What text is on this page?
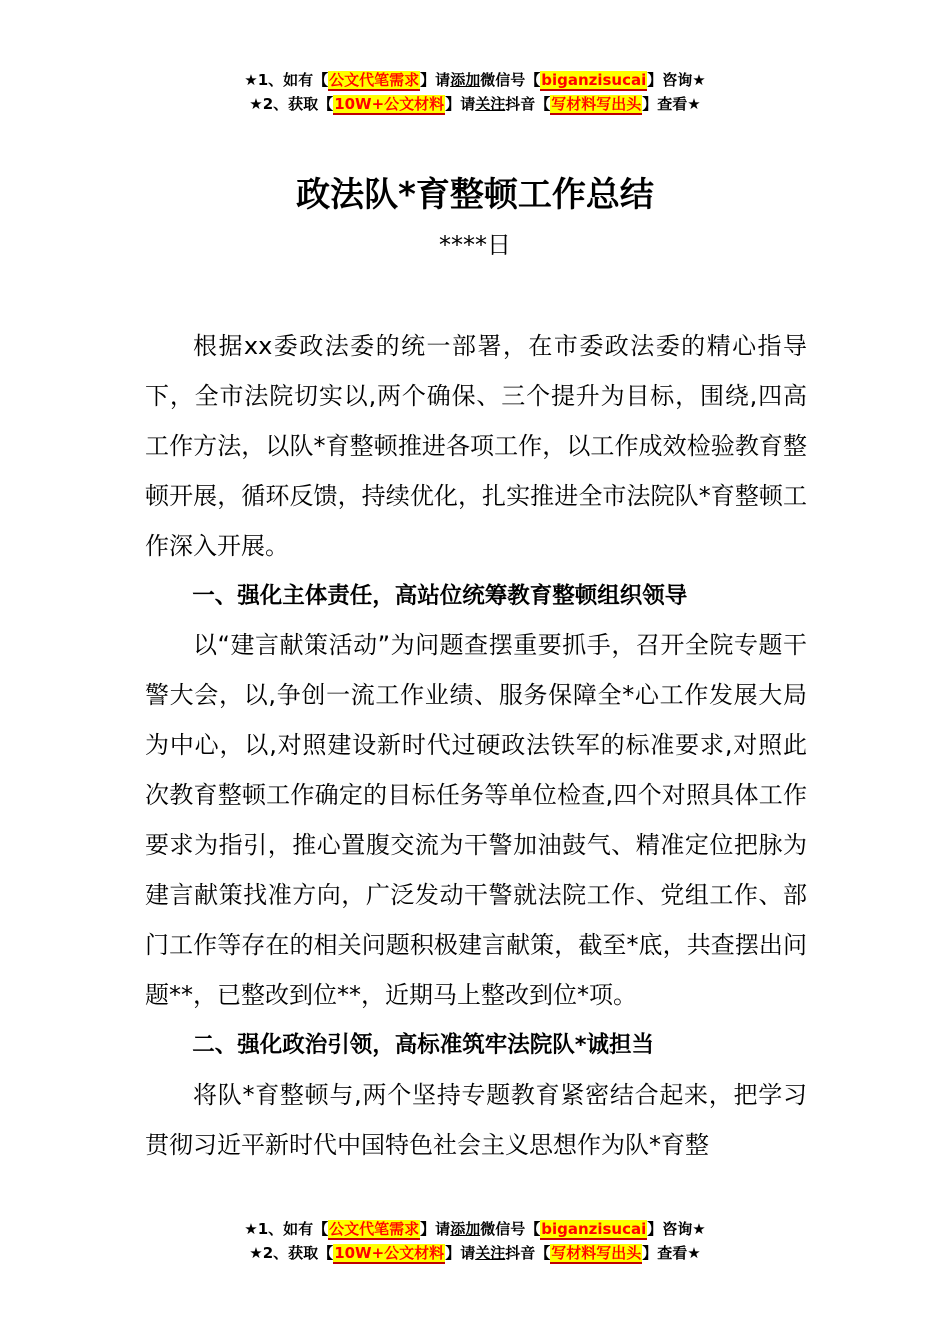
★1、如有【公文代笔需求】请添加微信号【biganzisucai】咨询★
★2、获取【10W+公文材料】请关注抖音【写材料写出头】查看★
政法队*育整顿工作总结
****日

根据xx委政法委的统一部署，在市委政法委的精心指导下，全市法院切实以,两个确保、三个提升为目标，围绕,四高工作方法，以队*育整顿推进各项工作，以工作成效检验教育整顿开展，循环反馈，持续优化，扎实推进全市法院队*育整顿工作深入开展。

一、强化主体责任，高站位统筹教育整顿组织领导

以“建言献策活动”为问题查摆重要抓手，召开全院专题干警大会，以,争创一流工作业绩、服务保障全*心工作发展大局为中心，以,对照建设新时代过硬政法铁军的标准要求,对照此次教育整顿工作确定的目标任务等单位检查,四个对照具体工作要求为指引，推心置腹交流为干警加油鼓气、精准定位把脉为建言献策找准方向，广泛发动干警就法院工作、党组工作、部门工作等存在的相关问题积极建言献策，截至*底，共查摆出问题**，已整改到位**，近期马上整改到位*项。

二、强化政治引领，高标准筑牢法院队*诚担当

将队*育整顿与,两个坚持专题教育紧密结合起来，把学习贯彻习近平新时代中国特色社会主义思想作为队*育整

★1、如有【公文代笔需求】请添加微信号【biganzisucai】咨询★
★2、获取【10W+公文材料】请关注抖音【写材料写出头】查看★
